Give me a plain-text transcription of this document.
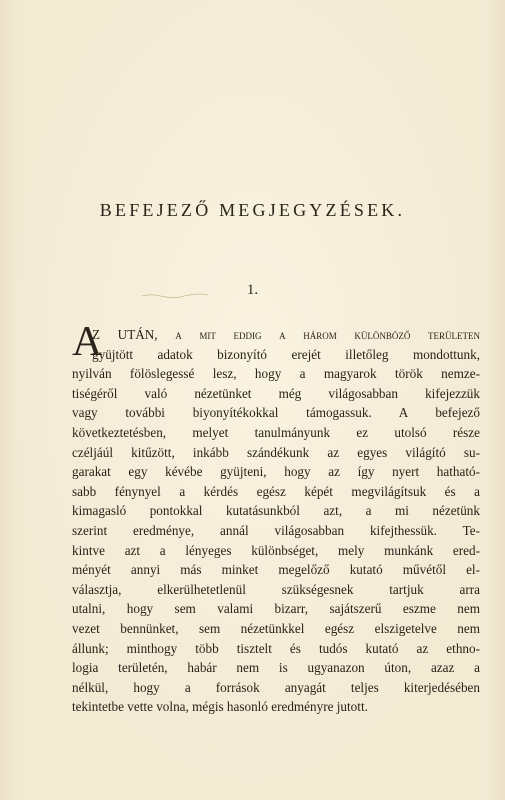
BEFEJEZŐ MEGJEGYZÉSEK.
1.
A
Z UTÁN, a mit eddig a három különböző területen
gyüjtött adatok bizonyító erejét illetőleg mondottunk,
nyilván fölöslegessé lesz, hogy a magyarok török nemze-
tiségéről való nézetünket még világosabban kifejezzük
vagy további biyonyítékokkal támogassuk. A befejező
következtetésben, melyet tanulmányunk ez utolsó része
czéljáúl kitűzött, inkább szándékunk az egyes világító su-
garakat egy kévébe gyüjteni, hogy az így nyert hatható-
sabb fénynyel a kérdés egész képét megvilágítsuk és a
kimagasló pontokkal kutatásunkból azt, a mi nézetünk
szerint eredménye, annál világosabban kifejthessük. Te-
kintve azt a lényeges különbséget, mely munkánk ered-
ményét annyi más minket megelőző kutató művétől el-
választja, elkerülhetetlenül szükségesnek tartjuk arra
utalni, hogy sem valami bizarr, sajátszerű eszme nem
vezet bennünket, sem nézetünkkel egész elszigetelve nem
állunk; minthogy több tisztelt és tudós kutató az ethno-
logia területén, habár nem is ugyanazon úton, azaz a
nélkül, hogy a források anyagát teljes kiterjedésében
tekintetbe vette volna, mégis hasonló eredményre jutott.
